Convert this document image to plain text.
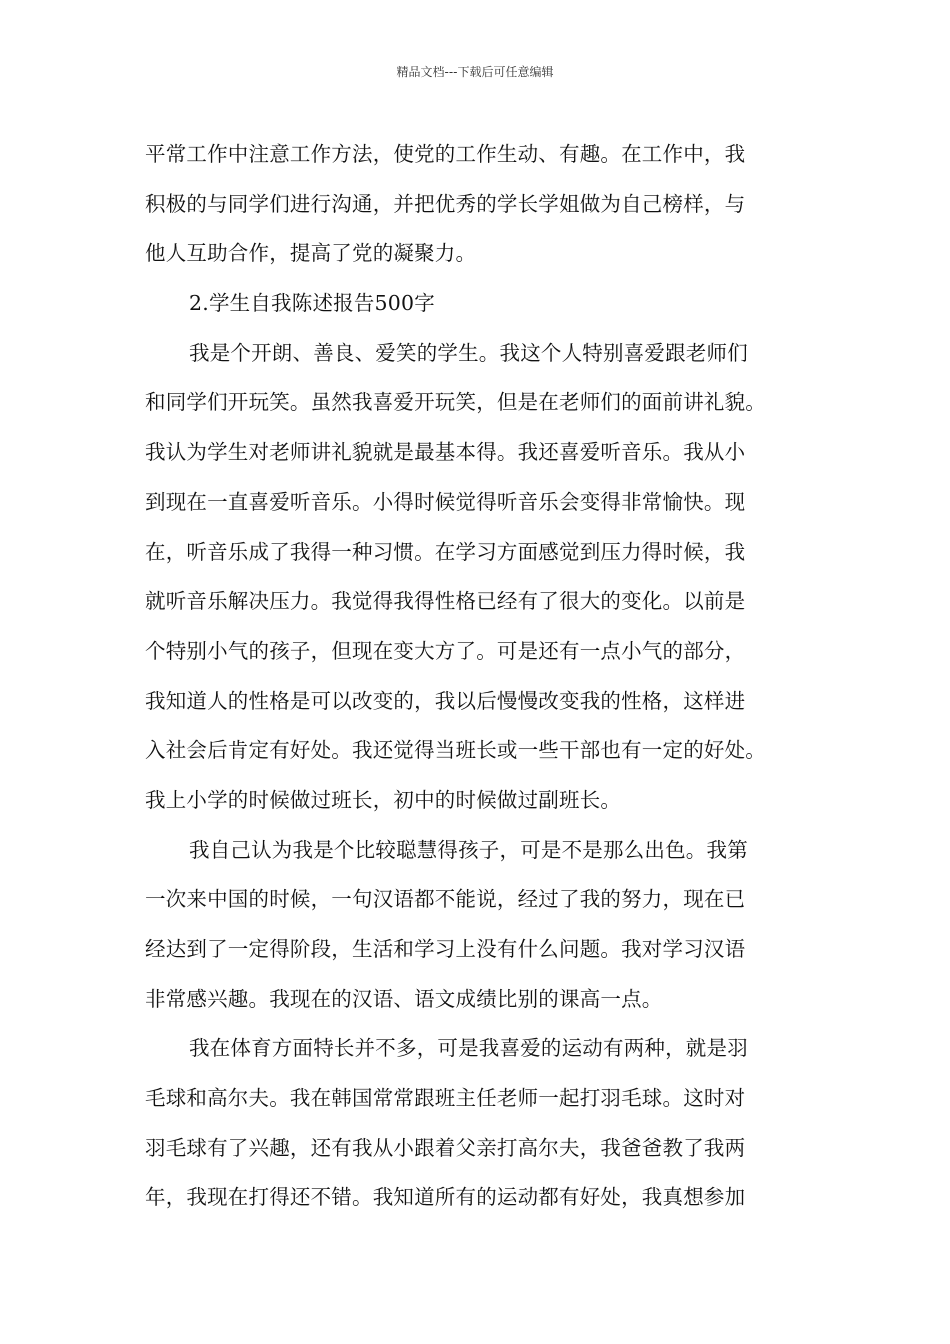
精品文档---下载后可任意编辑
平常工作中注意工作方法，使党的工作生动、有趣。在工作中，我
积极的与同学们进行沟通，并把优秀的学长学姐做为自己榜样，与
他人互助合作，提高了党的凝聚力。
2.学生自我陈述报告500字
我是个开朗、善良、爱笑的学生。我这个人特别喜爱跟老师们
和同学们开玩笑。虽然我喜爱开玩笑，但是在老师们的面前讲礼貌。
我认为学生对老师讲礼貌就是最基本得。我还喜爱听音乐。我从小
到现在一直喜爱听音乐。小得时候觉得听音乐会变得非常愉快。现
在，听音乐成了我得一种习惯。在学习方面感觉到压力得时候，我
就听音乐解决压力。我觉得我得性格已经有了很大的变化。以前是
个特别小气的孩子，但现在变大方了。可是还有一点小气的部分，
我知道人的性格是可以改变的，我以后慢慢改变我的性格，这样进
入社会后肯定有好处。我还觉得当班长或一些干部也有一定的好处。
我上小学的时候做过班长，初中的时候做过副班长。
我自己认为我是个比较聪慧得孩子，可是不是那么出色。我第
一次来中国的时候，一句汉语都不能说，经过了我的努力，现在已
经达到了一定得阶段，生活和学习上没有什么问题。我对学习汉语
非常感兴趣。我现在的汉语、语文成绩比别的课高一点。
我在体育方面特长并不多，可是我喜爱的运动有两种，就是羽
毛球和高尔夫。我在韩国常常跟班主任老师一起打羽毛球。这时对
羽毛球有了兴趣，还有我从小跟着父亲打高尔夫，我爸爸教了我两
年，我现在打得还不错。我知道所有的运动都有好处，我真想参加
